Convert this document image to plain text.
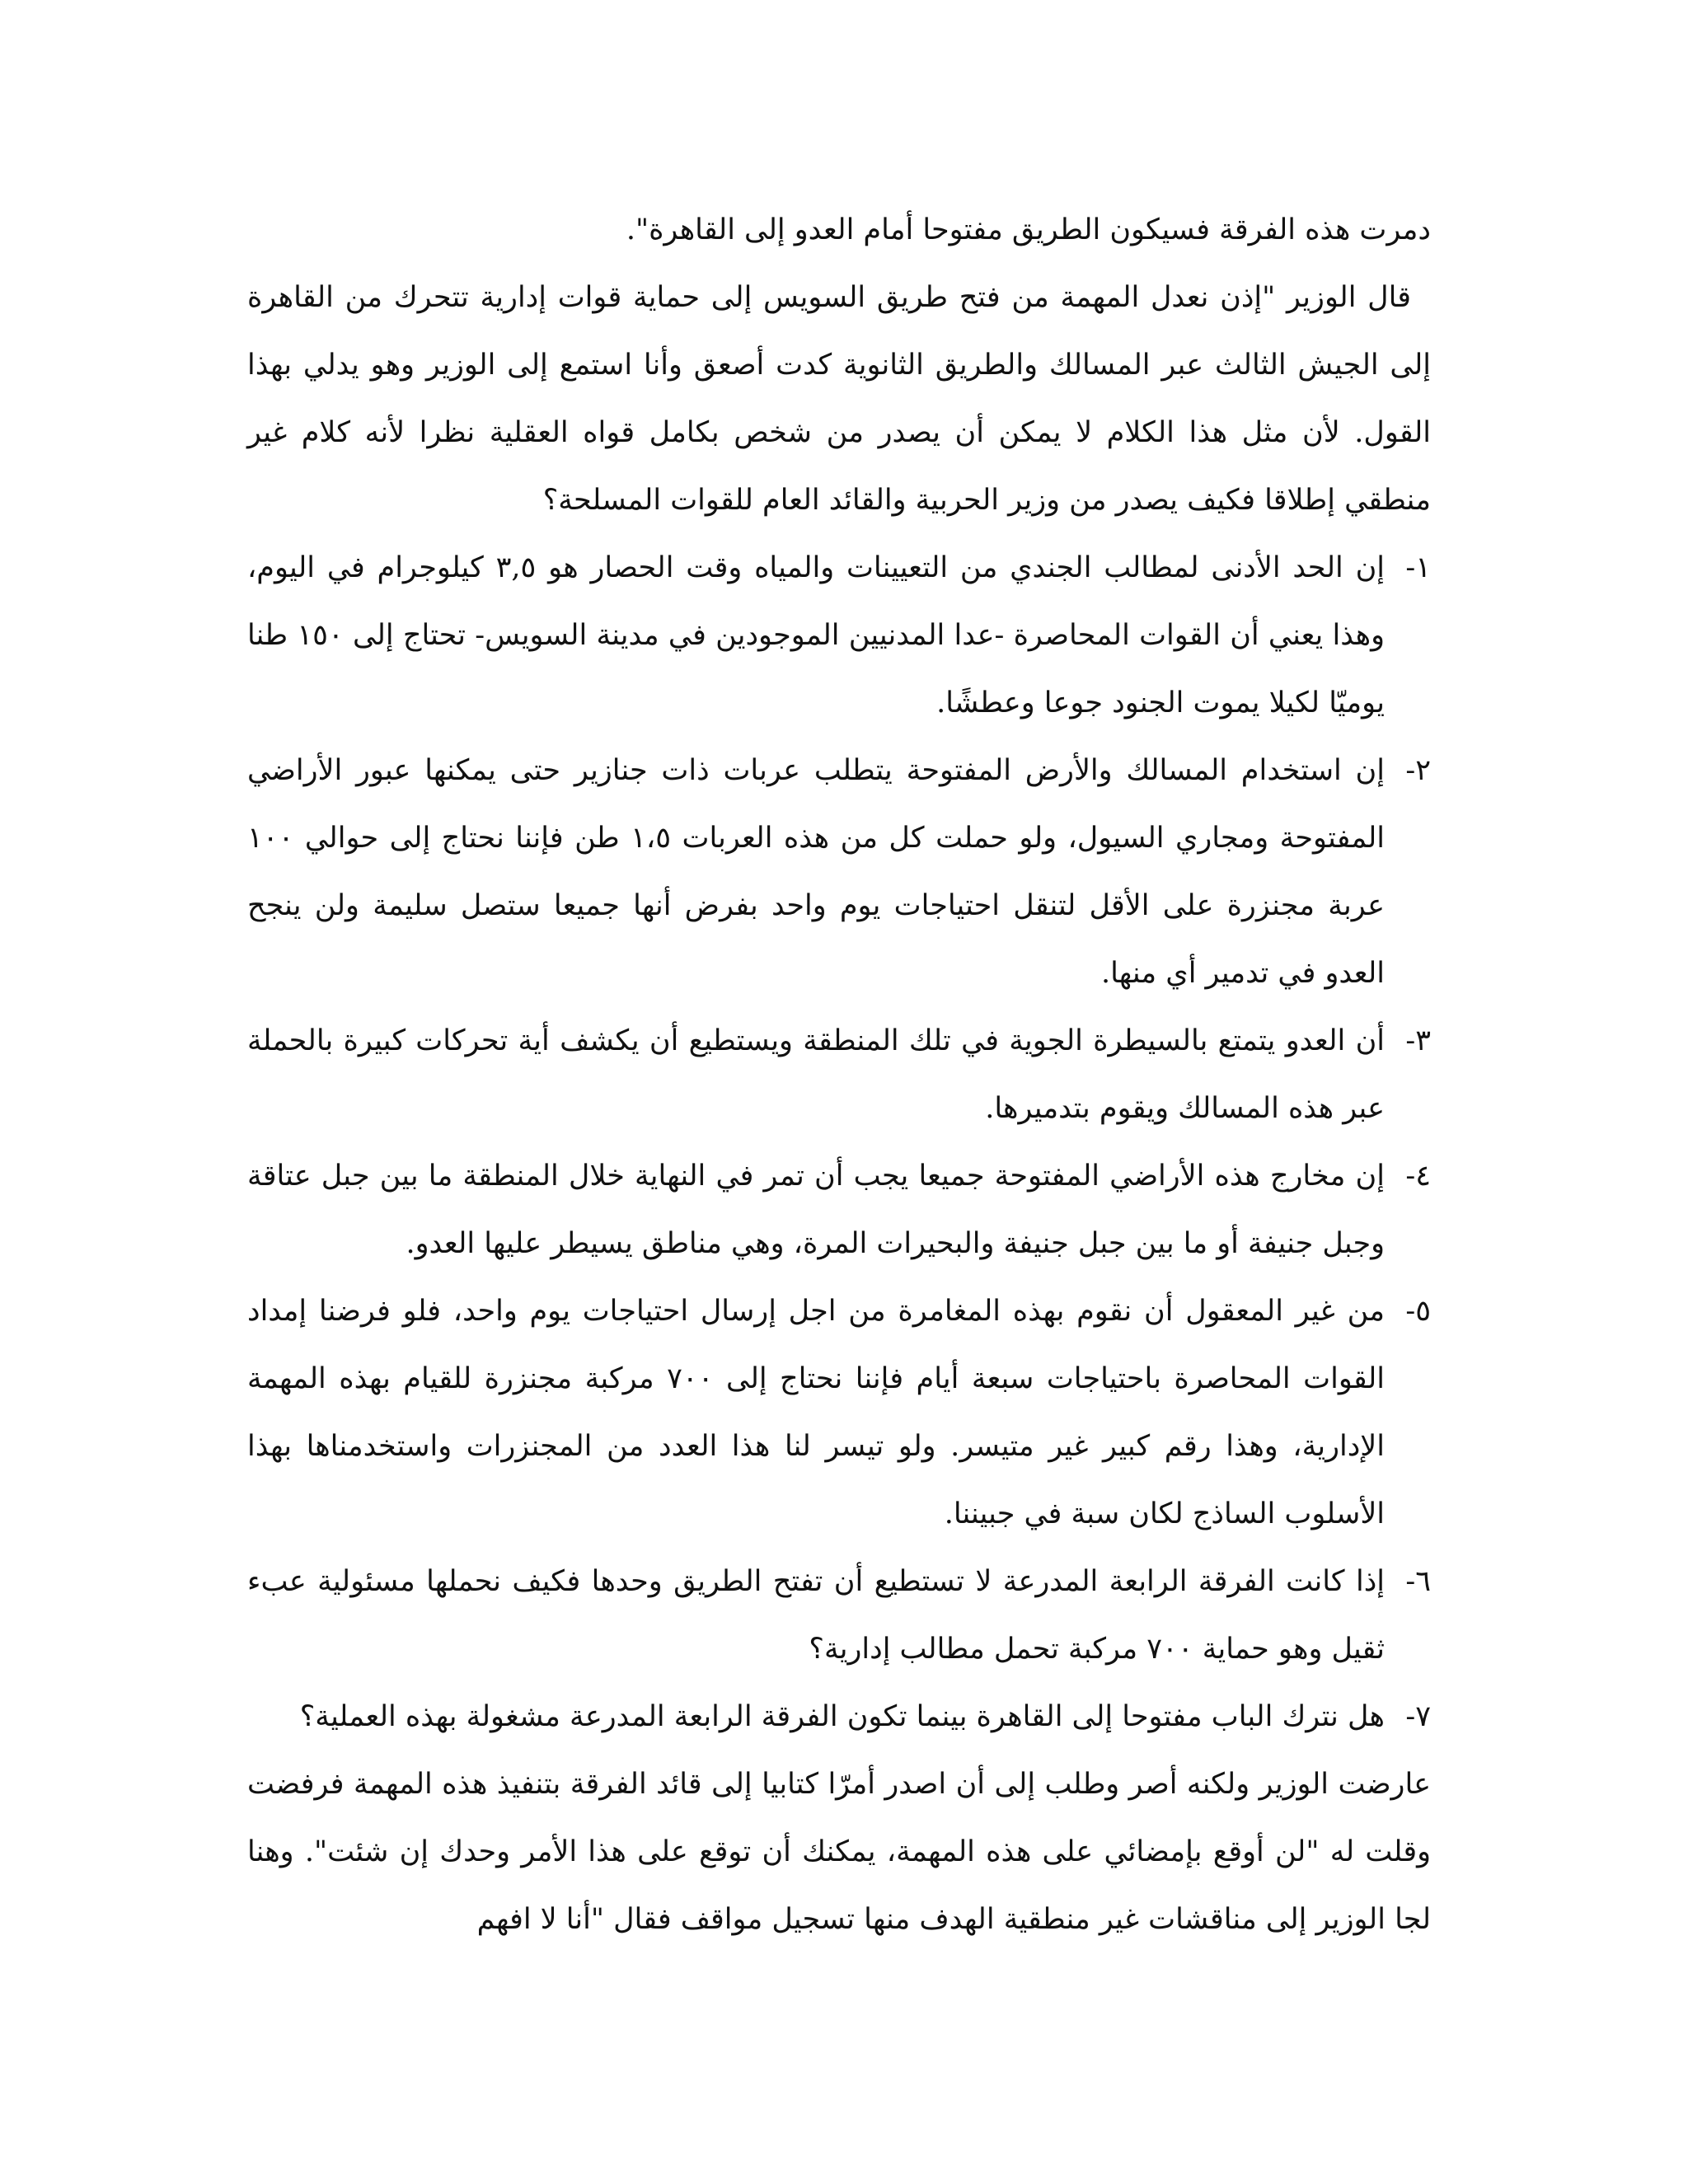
دمرت هذه الفرقة فسيكون الطريق مفتوحا أمام العدو إلى القاهرة".

قال الوزير "إذن نعدل المهمة من فتح طريق السويس إلى حماية قوات إدارية تتحرك من القاهرة إلى الجيش الثالث عبر المسالك والطريق الثانوية كدت أصعق وأنا استمع إلى الوزير وهو يدلي بهذا القول. لأن مثل هذا الكلام لا يمكن أن يصدر من شخص بكامل قواه العقلية نظرا لأنه كلام غير منطقي إطلاقا فكيف يصدر من وزير الحربية والقائد العام للقوات المسلحة؟

١-

إن الحد الأدنى لمطالب الجندي من التعيينات والمياه وقت الحصار هو ٣,٥ كيلوجرام في اليوم، وهذا يعني أن القوات المحاصرة -عدا المدنيين الموجودين في مدينة السويس- تحتاج إلى ١٥٠ طنا يوميّا لكيلا يموت الجنود جوعا وعطشًا.

٢-

إن استخدام المسالك والأرض المفتوحة يتطلب عربات ذات جنازير حتى يمكنها عبور الأراضي المفتوحة ومجاري السيول، ولو حملت كل من هذه العربات ١،٥ طن فإننا نحتاج إلى حوالي ١٠٠ عربة مجنزرة على الأقل لتنقل احتياجات يوم واحد بفرض أنها جميعا ستصل سليمة ولن ينجح العدو في تدمير أي منها.

٣-

أن العدو يتمتع بالسيطرة الجوية في تلك المنطقة ويستطيع أن يكشف أية تحركات كبيرة بالحملة عبر هذه المسالك ويقوم بتدميرها.

٤-

إن مخارج هذه الأراضي المفتوحة جميعا يجب أن تمر في النهاية خلال المنطقة ما بين جبل عتاقة وجبل جنيفة أو ما بين جبل جنيفة والبحيرات المرة، وهي مناطق يسيطر عليها العدو.

٥-

من غير المعقول أن نقوم بهذه المغامرة من اجل إرسال احتياجات يوم واحد، فلو فرضنا إمداد القوات المحاصرة باحتياجات سبعة أيام فإننا نحتاج إلى ٧٠٠ مركبة مجنزرة للقيام بهذه المهمة الإدارية، وهذا رقم كبير غير متيسر. ولو تيسر لنا هذا العدد من المجنزرات واستخدمناها بهذا الأسلوب الساذج لكان سبة في جبيننا.

٦-

إذا كانت الفرقة الرابعة المدرعة لا تستطيع أن تفتح الطريق وحدها فكيف نحملها مسئولية عبء ثقيل وهو حماية ٧٠٠ مركبة تحمل مطالب إدارية؟

٧-

هل نترك الباب مفتوحا إلى القاهرة بينما تكون الفرقة الرابعة المدرعة مشغولة بهذه العملية؟

عارضت الوزير ولكنه أصر وطلب إلى أن اصدر أمرّا كتابيا إلى قائد الفرقة بتنفيذ هذه المهمة فرفضت وقلت له "لن أوقع بإمضائي على هذه المهمة، يمكنك أن توقع على هذا الأمر وحدك إن شئت". وهنا لجا الوزير إلى مناقشات غير منطقية الهدف منها تسجيل مواقف فقال "أنا لا افهم
